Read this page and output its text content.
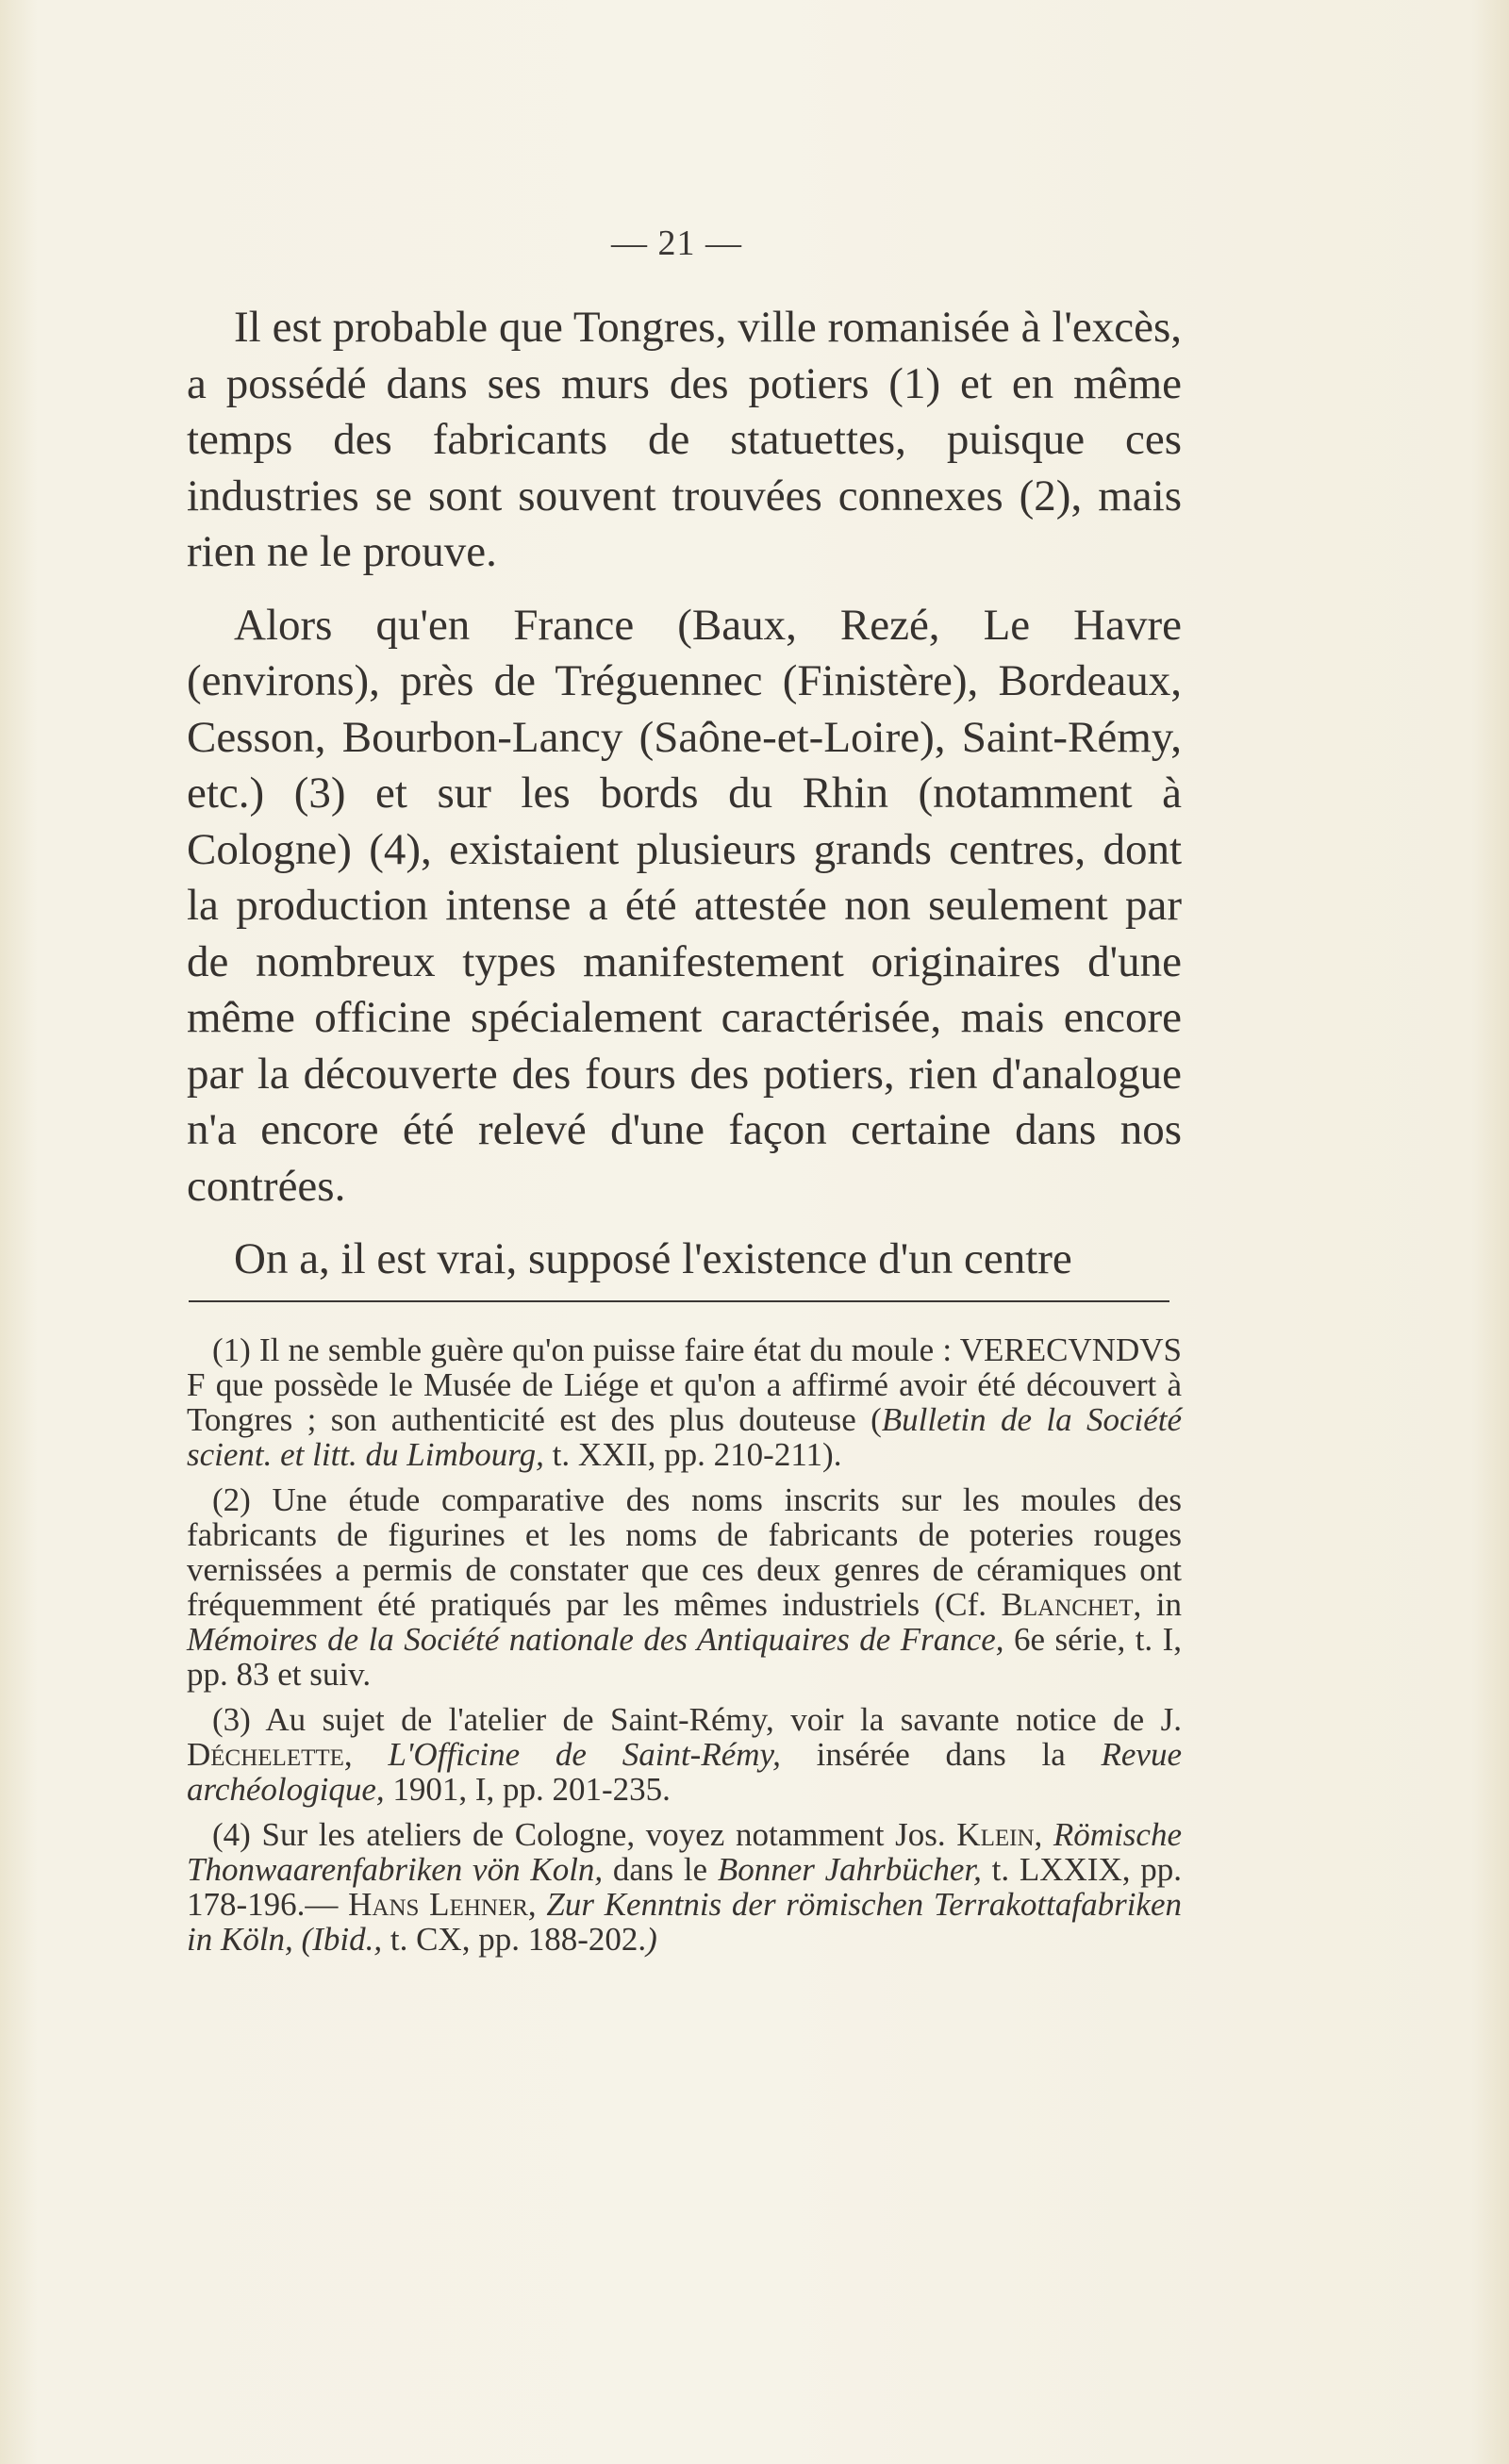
— 21 —

Il est probable que Tongres, ville romanisée à l'excès, a possédé dans ses murs des potiers (1) et en même temps des fabricants de statuettes, puisque ces industries se sont souvent trouvées connexes (2), mais rien ne le prouve.

Alors qu'en France (Baux, Rezé, Le Havre (environs), près de Tréguennec (Finistère), Bordeaux, Cesson, Bourbon-Lancy (Saône-et-Loire), Saint-Rémy, etc.) (3) et sur les bords du Rhin (notamment à Cologne) (4), existaient plusieurs grands centres, dont la production intense a été attestée non seulement par de nombreux types manifestement originaires d'une même officine spécialement caractérisée, mais encore par la découverte des fours des potiers, rien d'analogue n'a encore été relevé d'une façon certaine dans nos contrées.

On a, il est vrai, supposé l'existence d'un centre

(1) Il ne semble guère qu'on puisse faire état du moule : VERECVNDVS F que possède le Musée de Liége et qu'on a affirmé avoir été découvert à Tongres ; son authenticité est des plus douteuse (Bulletin de la Société scient. et litt. du Limbourg, t. XXII, pp. 210-211).

(2) Une étude comparative des noms inscrits sur les moules des fabricants de figurines et les noms de fabricants de poteries rouges vernissées a permis de constater que ces deux genres de céramiques ont fréquemment été pratiqués par les mêmes industriels (Cf. Blanchet, in Mémoires de la Société nationale des Antiquaires de France, 6e série, t. I, pp. 83 et suiv.

(3) Au sujet de l'atelier de Saint-Rémy, voir la savante notice de J. Déchelette, L'Officine de Saint-Rémy, insérée dans la Revue archéologique, 1901, I, pp. 201-235.

(4) Sur les ateliers de Cologne, voyez notamment Jos. Klein, Römische Thonwaarenfabriken vön Koln, dans le Bonner Jahrbücher, t. LXXIX, pp. 178-196.— Hans Lehner, Zur Kenntnis der römischen Terrakottafabriken in Köln, (Ibid., t. CX, pp. 188-202.)
